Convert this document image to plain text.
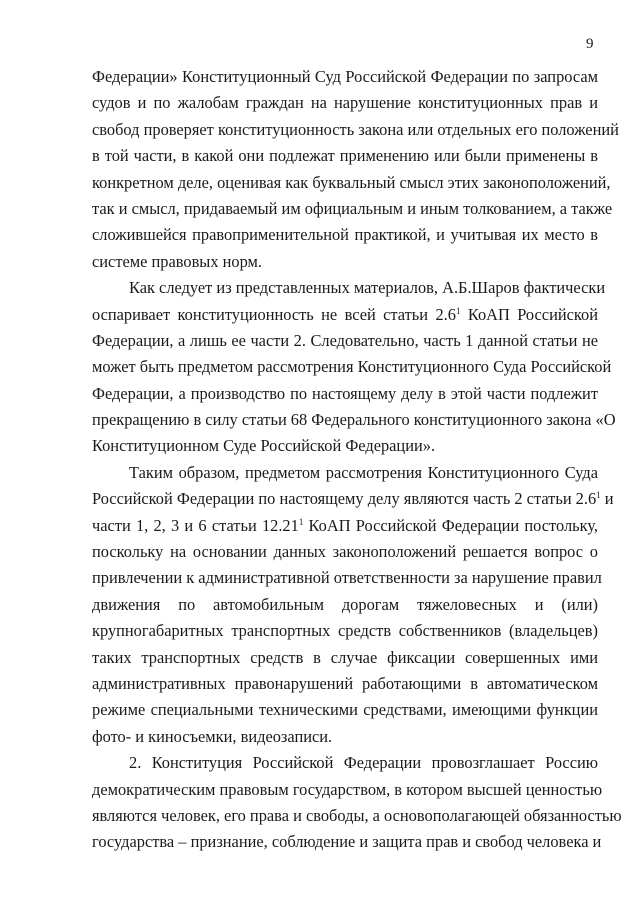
9
Федерации» Конституционный Суд Российской Федерации по запросам
судов и по жалобам граждан на нарушение конституционных прав и
свобод проверяет конституционность закона или отдельных его положений
в той части, в какой они подлежат применению или были применены в
конкретном деле, оценивая как буквальный смысл этих законоположений,
так и смысл, придаваемый им официальным и иным толкованием, а также
сложившейся правоприменительной практикой, и учитывая их место в
системе правовых норм.
Как следует из представленных материалов, А.Б.Шаров фактически
оспаривает конституционность не всей статьи $2.6^1$ КоАП Российской
Федерации, а лишь ее части 2. Следовательно, часть 1 данной статьи не
может быть предметом рассмотрения Конституционного Суда Российской
Федерации, а производство по настоящему делу в этой части подлежит
прекращению в силу статьи 68 Федерального конституционного закона «О
Конституционном Суде Российской Федерации».
Таким образом, предметом рассмотрения Конституционного Суда
Российской Федерации по настоящему делу являются часть 2 статьи $2.6^1$ и
части 1, 2, 3 и 6 статьи 12.21$^1$ КоАП Российской Федерации постольку,
поскольку на основании данных законоположений решается вопрос о
привлечении к административной ответственности за нарушение правил
движения по автомобильным дорогам тяжеловесных и (или)
крупногабаритных транспортных средств собственников (владельцев)
таких транспортных средств в случае фиксации совершенных ими
административных правонарушений работающими в автоматическом
режиме специальными техническими средствами, имеющими функции
фото- и киносъемки, видеозаписи.
2. Конституция Российской Федерации провозглашает Россию
демократическим правовым государством, в котором высшей ценностью
являются человек, его права и свободы, а основополагающей обязанностью
государства – признание, соблюдение и защита прав и свобод человека и
